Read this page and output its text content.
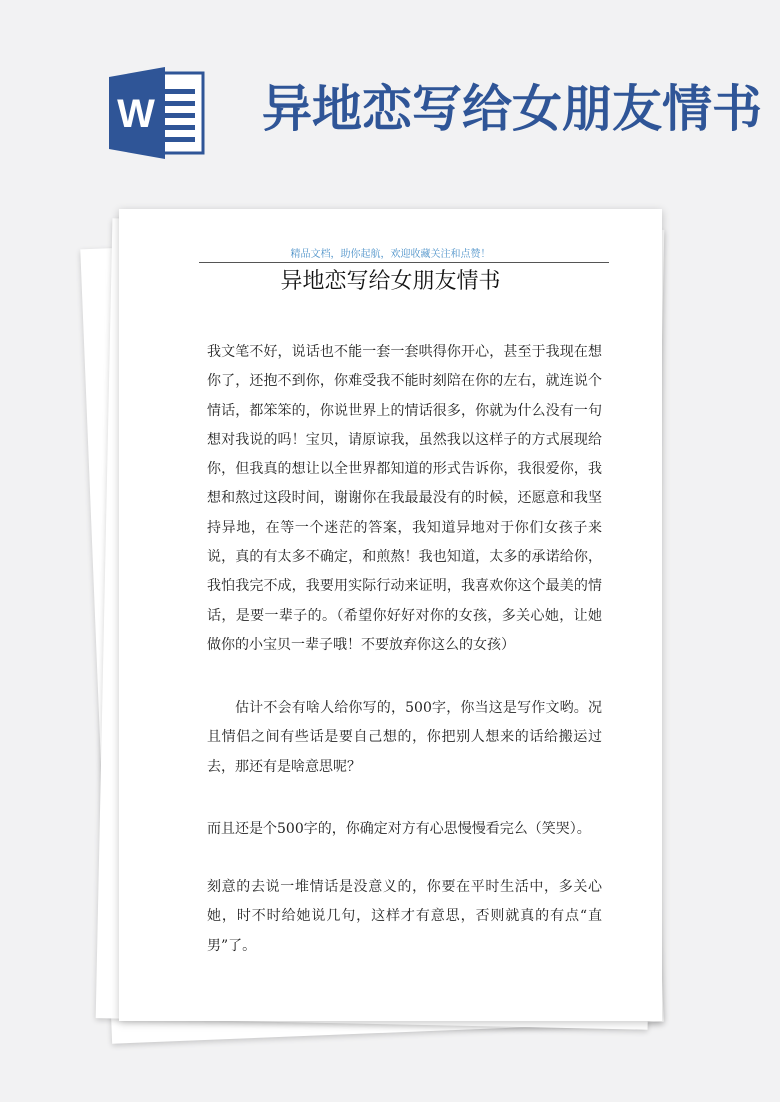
W 异地恋写给女朋友情书
精品文档，助你起航，欢迎收藏关注和点赞！
异地恋写给女朋友情书

我文笔不好，说话也不能一套一套哄得你开心，甚至于我现在想你了，还抱不到你，你难受我不能时刻陪在你的左右，就连说个情话，都笨笨的，你说世界上的情话很多，你就为什么没有一句想对我说的吗！宝贝，请原谅我，虽然我以这样子的方式展现给你，但我真的想让以全世界都知道的形式告诉你，我很爱你，我想和熬过这段时间，谢谢你在我最最没有的时候，还愿意和我坚持异地，在等一个迷茫的答案，我知道异地对于你们女孩子来说，真的有太多不确定，和煎熬！我也知道，太多的承诺给你，我怕我完不成，我要用实际行动来证明，我喜欢你这个最美的情话，是要一辈子的。（希望你好好对你的女孩，多关心她，让她做你的小宝贝一辈子哦！不要放弃你这么的女孩）

估计不会有啥人给你写的，500字，你当这是写作文哟。况且情侣之间有些话是要自己想的，你把别人想来的话给搬运过去，那还有是啥意思呢？

而且还是个500字的，你确定对方有心思慢慢看完么（笑哭）。

刻意的去说一堆情话是没意义的，你要在平时生活中，多关心她，时不时给她说几句，这样才有意思，否则就真的有点“直男”了。
